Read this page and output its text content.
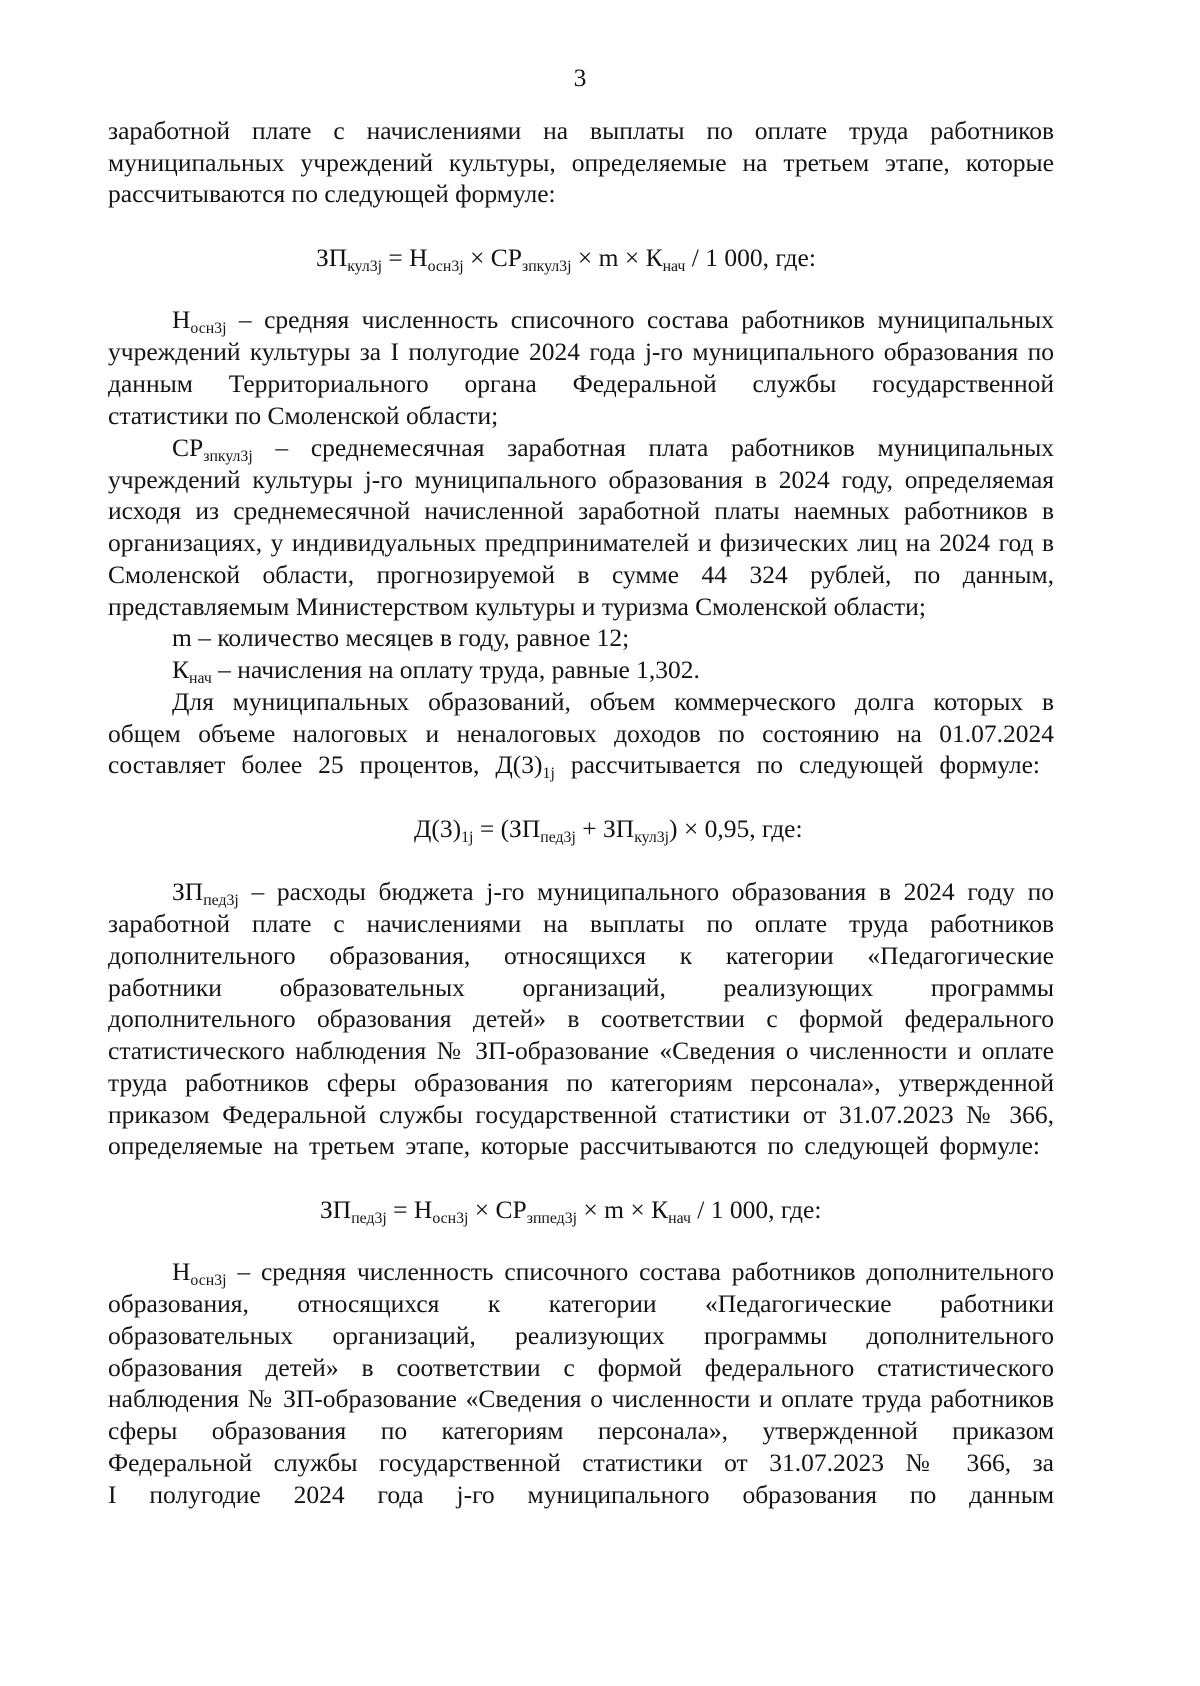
3
заработной плате с начислениями на выплаты по оплате труда работников
муниципальных учреждений культуры, определяемые на третьем этапе, которые
рассчитываются по следующей формуле:
$ЗП_{кул3j} = Н_{осн3j} \times СР_{зпкул3j} \times m \times К_{нач} / 1$ 000, где:
$Н_{осн3j}$ – средняя численность списочного состава работников муниципальных
учреждений культуры за I полугодие 2024 года j-го муниципального образования по
данным Территориального органа Федеральной службы государственной
статистики по Смоленской области;
$СР_{зпкул3j}$ – среднемесячная заработная плата работников муниципальных
учреждений культуры j-го муниципального образования в 2024 году, определяемая
исходя из среднемесячной начисленной заработной платы наемных работников в
организациях, у индивидуальных предпринимателей и физических лиц на 2024 год в
Смоленской области, прогнозируемой в сумме 44 324 рублей, по данным,
представляемым Министерством культуры и туризма Смоленской области;
m – количество месяцев в году, равное 12;
$К_{нач}$ – начисления на оплату труда, равные 1,302.
Для муниципальных образований, объем коммерческого долга которых в
общем объеме налоговых и неналоговых доходов по состоянию на 01.07.2024
составляет более 25 процентов, $Д(3)_{1j}$ рассчитывается по следующей формуле:
$Д(3)_{1j} = (ЗП_{пед3j} + ЗП_{кул3j}) \times 0,95$, где:
$ЗП_{пед3j}$ – расходы бюджета j-го муниципального образования в 2024 году по
заработной плате с начислениями на выплаты по оплате труда работников
дополнительного образования, относящихся к категории «Педагогические
работники образовательных организаций, реализующих программы
дополнительного образования детей» в соответствии с формой федерального
статистического наблюдения № ЗП-образование «Сведения о численности и оплате
труда работников сферы образования по категориям персонала», утвержденной
приказом Федеральной службы государственной статистики от 31.07.2023 № 366,
определяемые на третьем этапе, которые рассчитываются по следующей формуле:
$ЗП_{пед3j} = Н_{осн3j} \times СР_{зппед3j} \times m \times К_{нач} / 1$ 000, где:
$Н_{осн3j}$ – средняя численность списочного состава работников дополнительного
образования, относящихся к категории «Педагогические работники
образовательных организаций, реализующих программы дополнительного
образования детей» в соответствии с формой федерального статистического
наблюдения № ЗП-образование «Сведения о численности и оплате труда работников
сферы образования по категориям персонала», утвержденной приказом
Федеральной службы государственной статистики от 31.07.2023 № 366, за
I полугодие 2024 года j-го муниципального образования по данным
